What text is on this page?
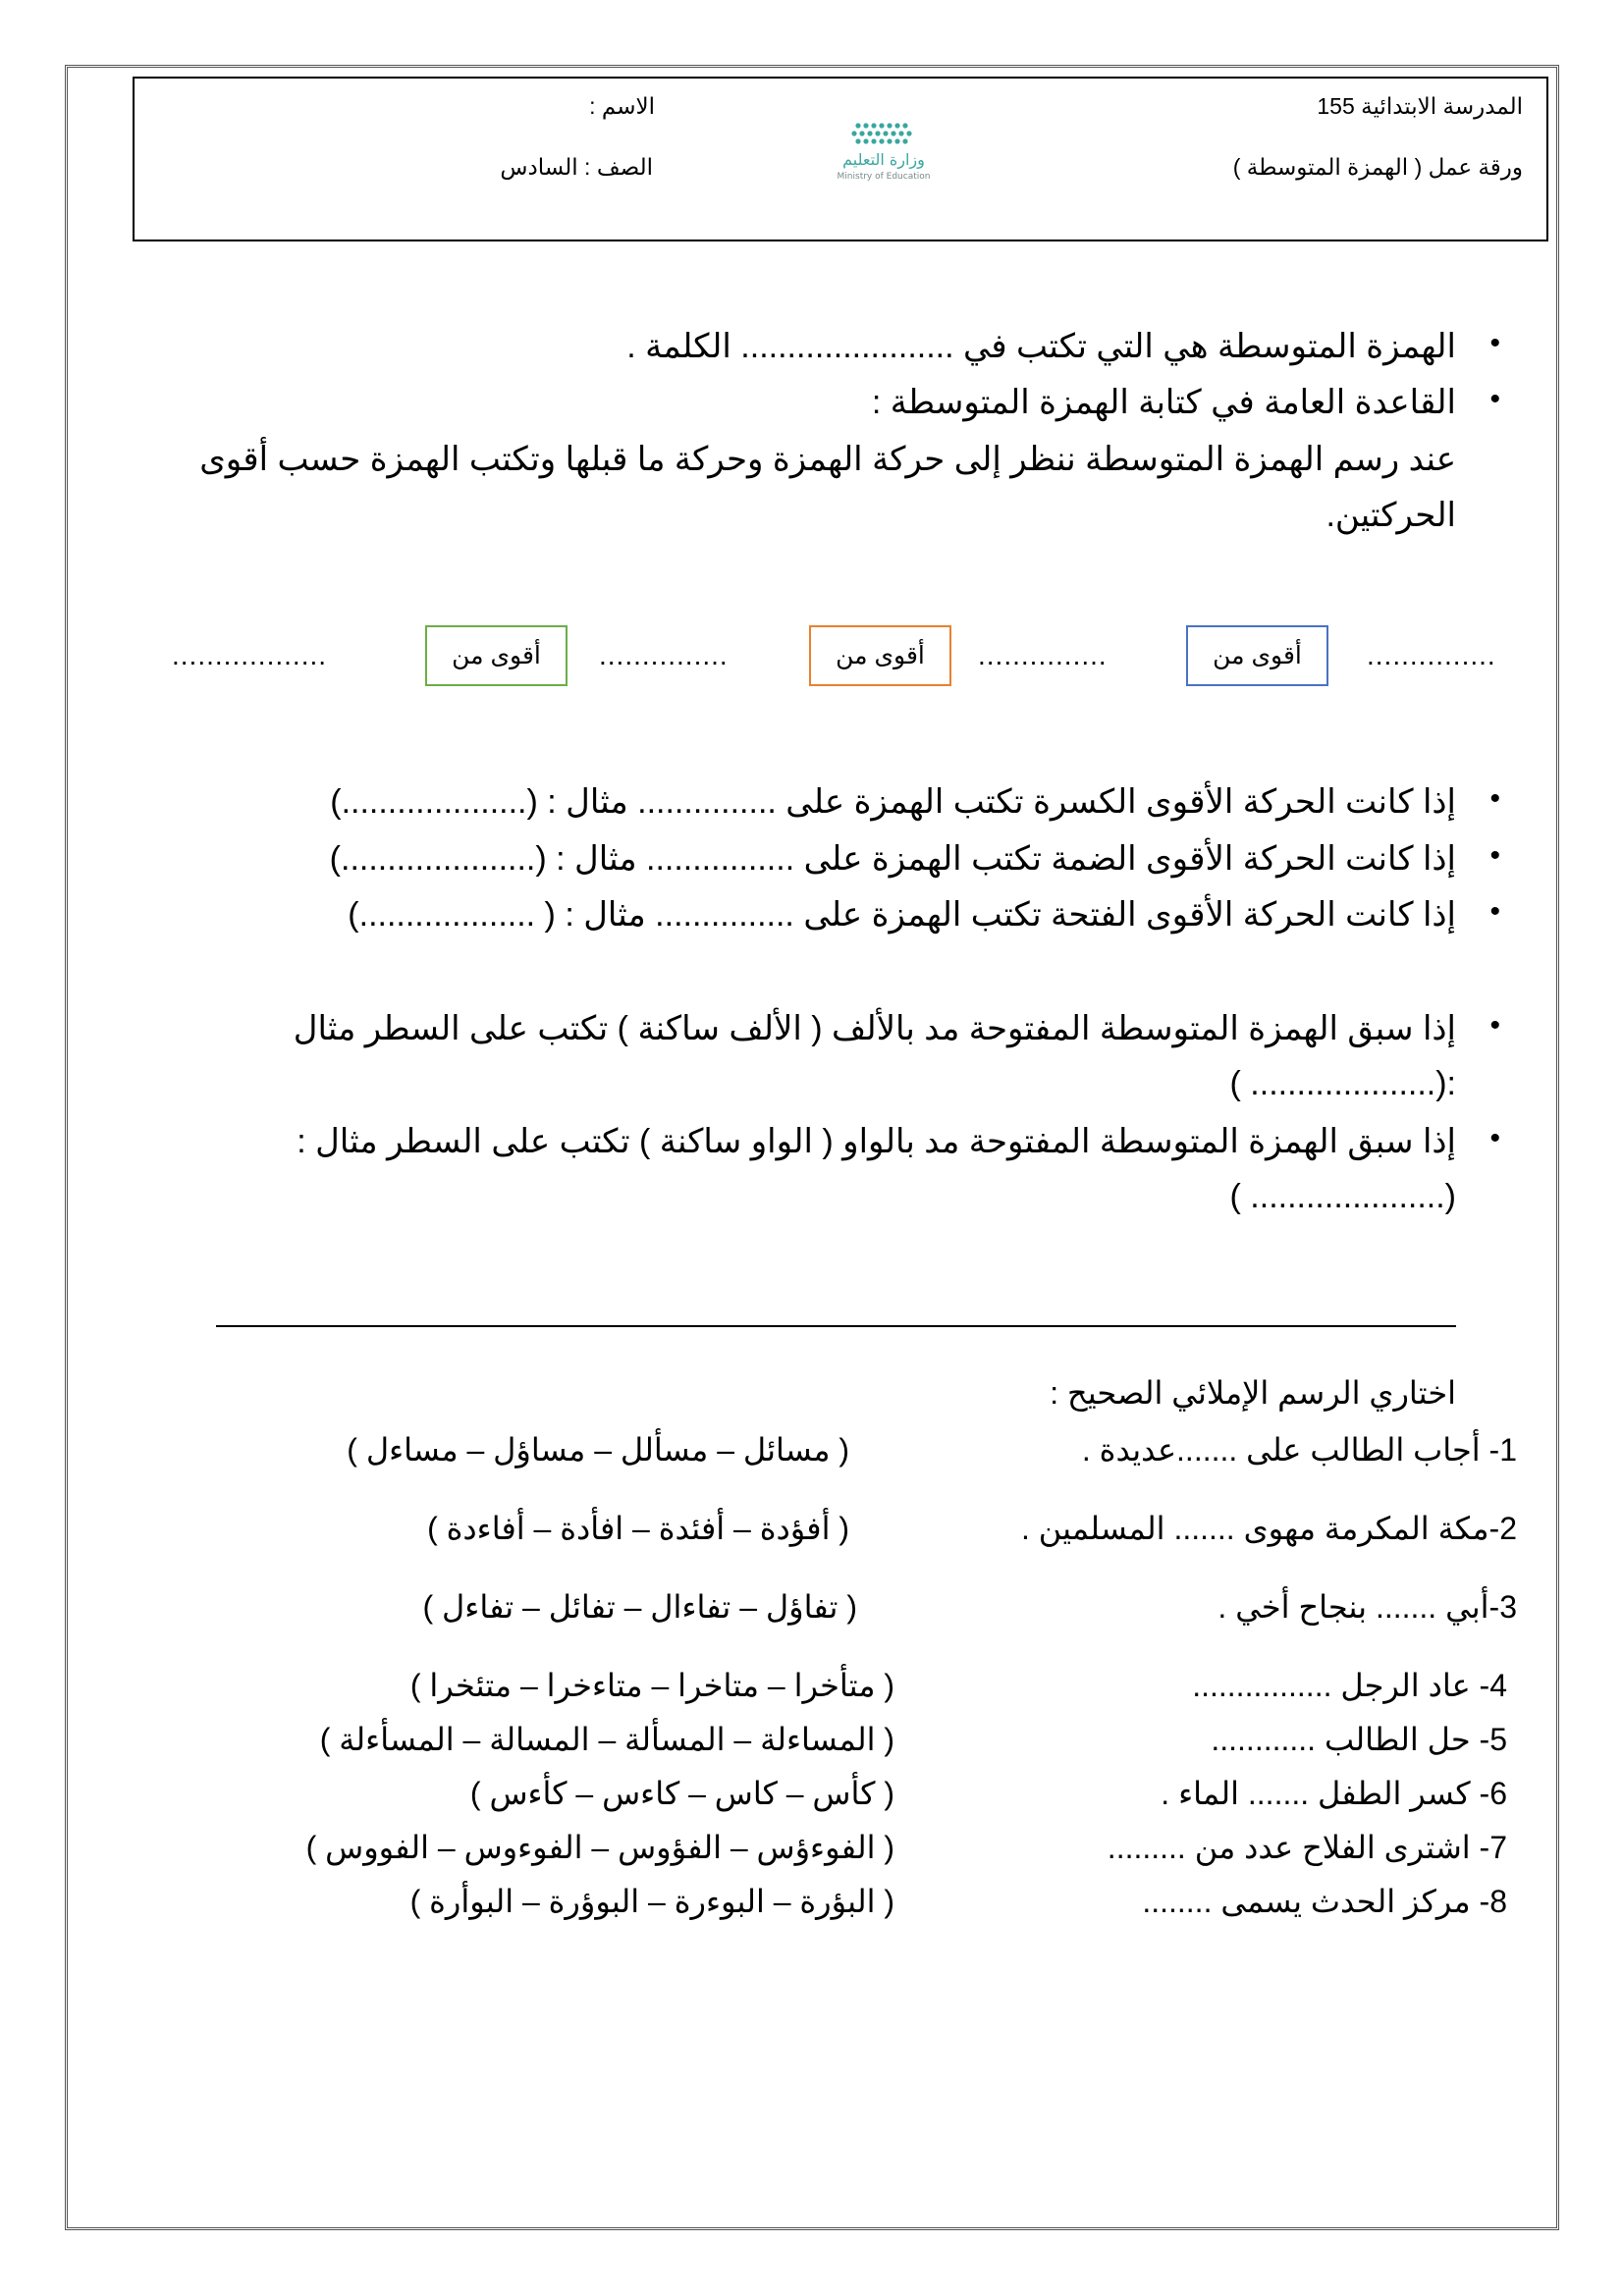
المدرسة الابتدائية 155
ورقة عمل ( الهمزة المتوسطة )
الاسم :
الصف : السادس	وزارة التعليم
Ministry of Education
• الهمزة المتوسطة هي التي تكتب في ....................... الكلمة .
• القاعدة العامة في كتابة الهمزة المتوسطة :
عند رسم الهمزة المتوسطة ننظر إلى حركة الهمزة وحركة ما قبلها وتكتب الهمزة حسب أقوى
الحركتين.
...............
أقوى من
...............
أقوى من
...............
أقوى من
..................
• إذا كانت الحركة الأقوى الكسرة تكتب الهمزة على ............... مثال : (....................)
• إذا كانت الحركة الأقوى الضمة تكتب الهمزة على ................ مثال : (.....................)
• إذا كانت الحركة الأقوى الفتحة تكتب الهمزة على ............... مثال : ( ...................)
• إذا سبق الهمزة المتوسطة المفتوحة مد بالألف ( الألف ساكنة ) تكتب على السطر مثال
:(.................... )
• إذا سبق الهمزة المتوسطة المفتوحة مد بالواو ( الواو ساكنة ) تكتب على السطر مثال :
(..................... )
اختاري الرسم الإملائي الصحيح :
1- أجاب الطالب على .......عديدة .
( مسائل – مسألل – مساؤل – مساءل )
2-مكة المكرمة مهوى ....... المسلمين .
( أفؤدة – أفئدة – افأدة – أفاءدة )
3-أبي ....... بنجاح أخي .
( تفاؤل – تفاءال – تفائل – تفاءل )
4- عاد الرجل ................
( متأخرا – متاخرا – متاءخرا – متئخرا )
5- حل الطالب ............
( المساءلة – المسألة – المسالة – المسأءلة )
6- كسر الطفل ....... الماء .
( كأس – كاس – كاءس – كأءس )
7- اشترى الفلاح عدد من .........
( الفوءؤس – الفؤوس – الفوءوس – الفووس )
8- مركز الحدث يسمى ........
( البؤرة – البوءرة – البوؤرة – البوأرة )
